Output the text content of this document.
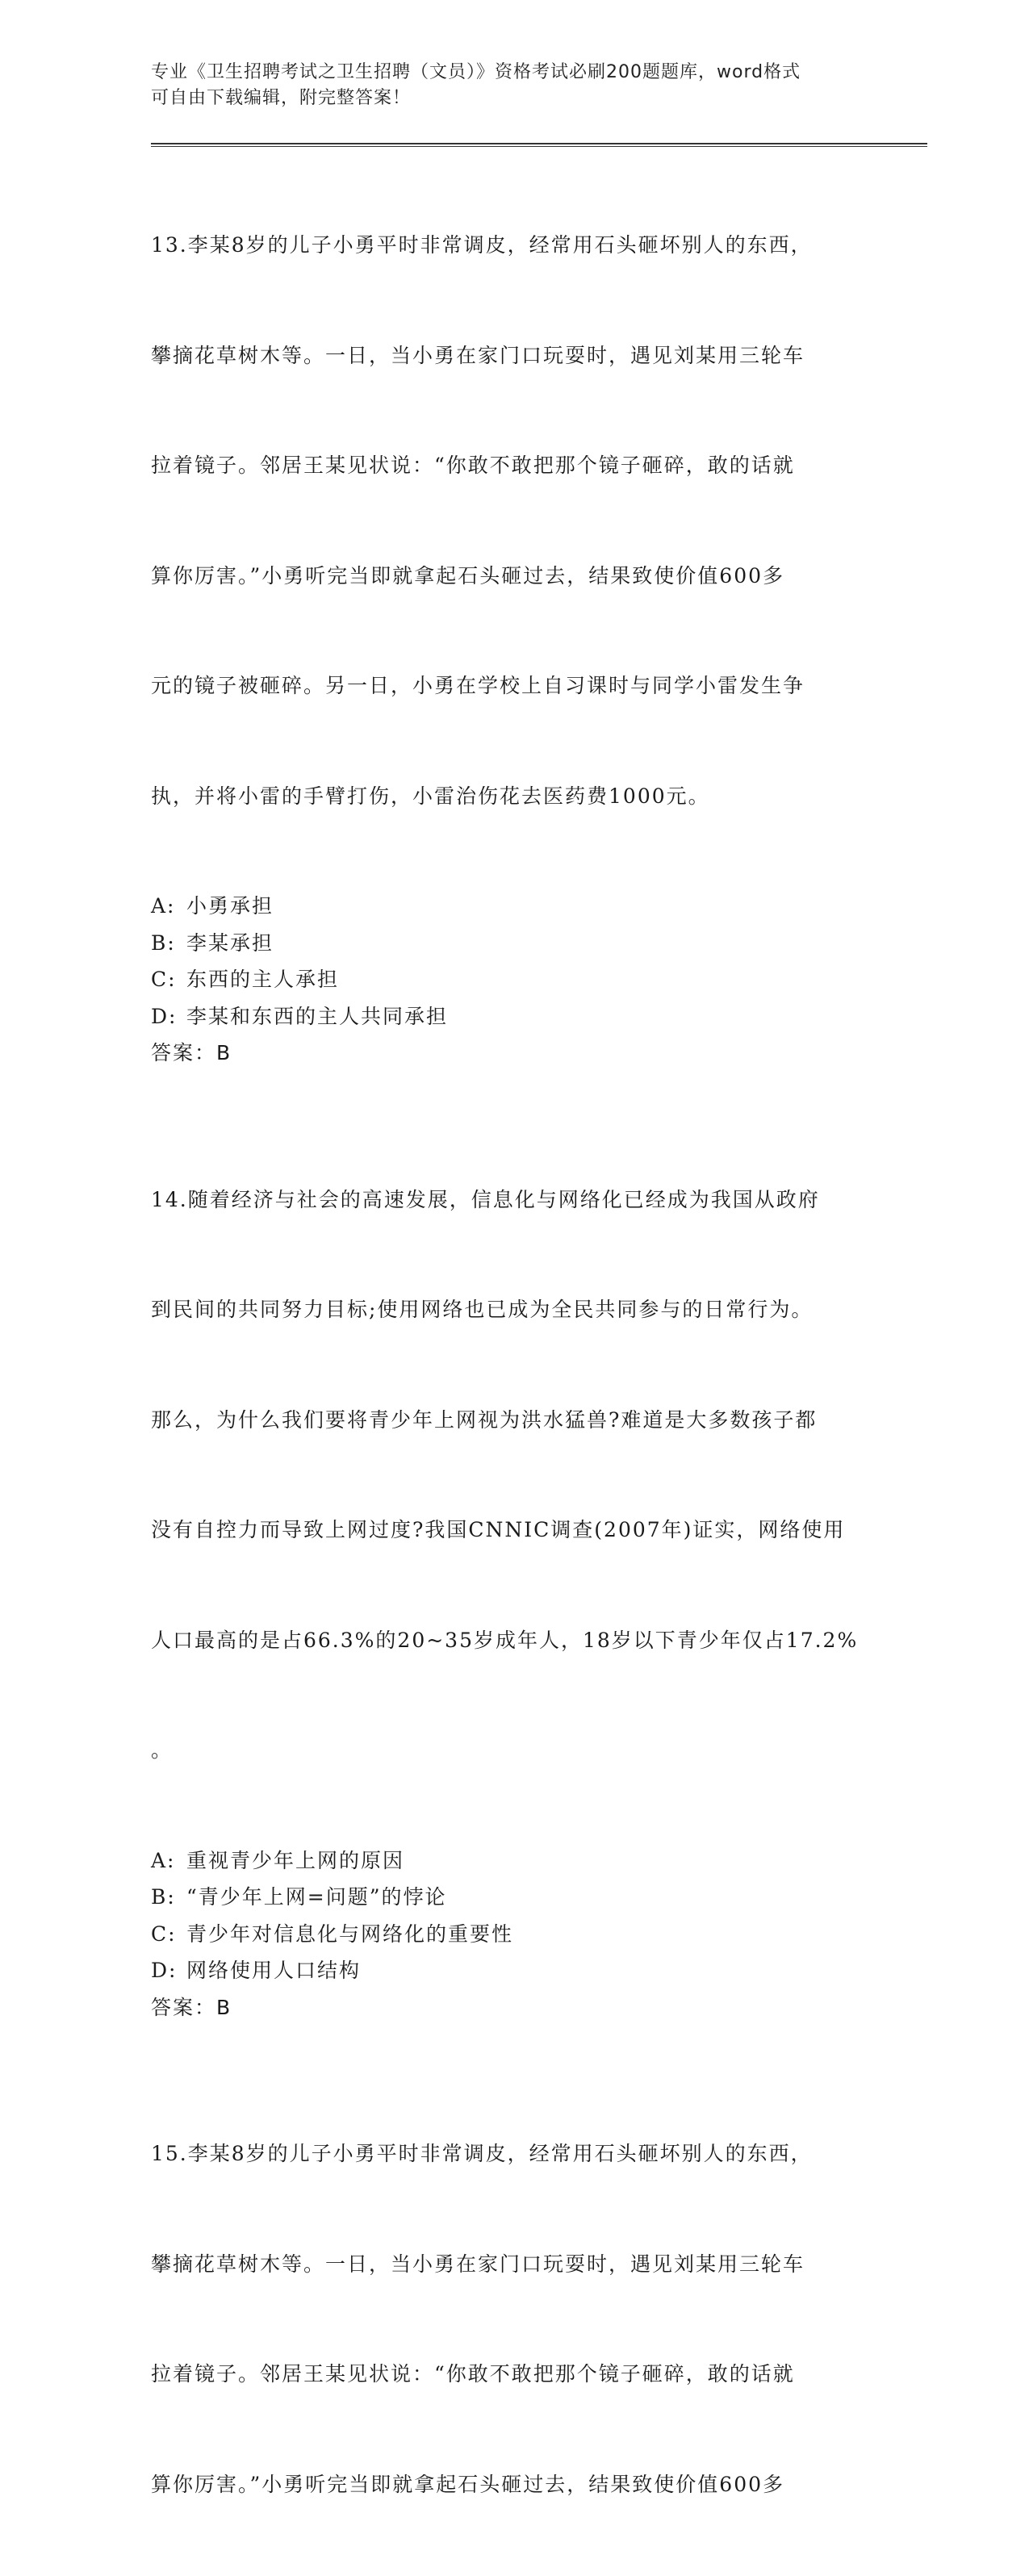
专业《卫生招聘考试之卫生招聘（文员）》资格考试必刷200题题库，word格式
可自由下载编辑，附完整答案！

13.李某8岁的儿子小勇平时非常调皮，经常用石头砸坏别人的东西，

攀摘花草树木等。一日，当小勇在家门口玩耍时，遇见刘某用三轮车

拉着镜子。邻居王某见状说：“你敢不敢把那个镜子砸碎，敢的话就

算你厉害。”小勇听完当即就拿起石头砸过去，结果致使价值600多

元的镜子被砸碎。另一日，小勇在学校上自习课时与同学小雷发生争

执，并将小雷的手臂打伤，小雷治伤花去医药费1000元。

A: 小勇承担
B: 李某承担
C: 东西的主人承担
D: 李某和东西的主人共同承担
答案：B

14.随着经济与社会的高速发展，信息化与网络化已经成为我国从政府

到民间的共同努力目标;使用网络也已成为全民共同参与的日常行为。

那么，为什么我们要将青少年上网视为洪水猛兽?难道是大多数孩子都

没有自控力而导致上网过度?我国CNNIC调查(2007年)证实，网络使用

人口最高的是占66.3%的20~35岁成年人，18岁以下青少年仅占17.2%

。

A: 重视青少年上网的原因
B: “青少年上网=问题”的悖论
C: 青少年对信息化与网络化的重要性
D: 网络使用人口结构
答案：B

15.李某8岁的儿子小勇平时非常调皮，经常用石头砸坏别人的东西，

攀摘花草树木等。一日，当小勇在家门口玩耍时，遇见刘某用三轮车

拉着镜子。邻居王某见状说：“你敢不敢把那个镜子砸碎，敢的话就

算你厉害。”小勇听完当即就拿起石头砸过去，结果致使价值600多
